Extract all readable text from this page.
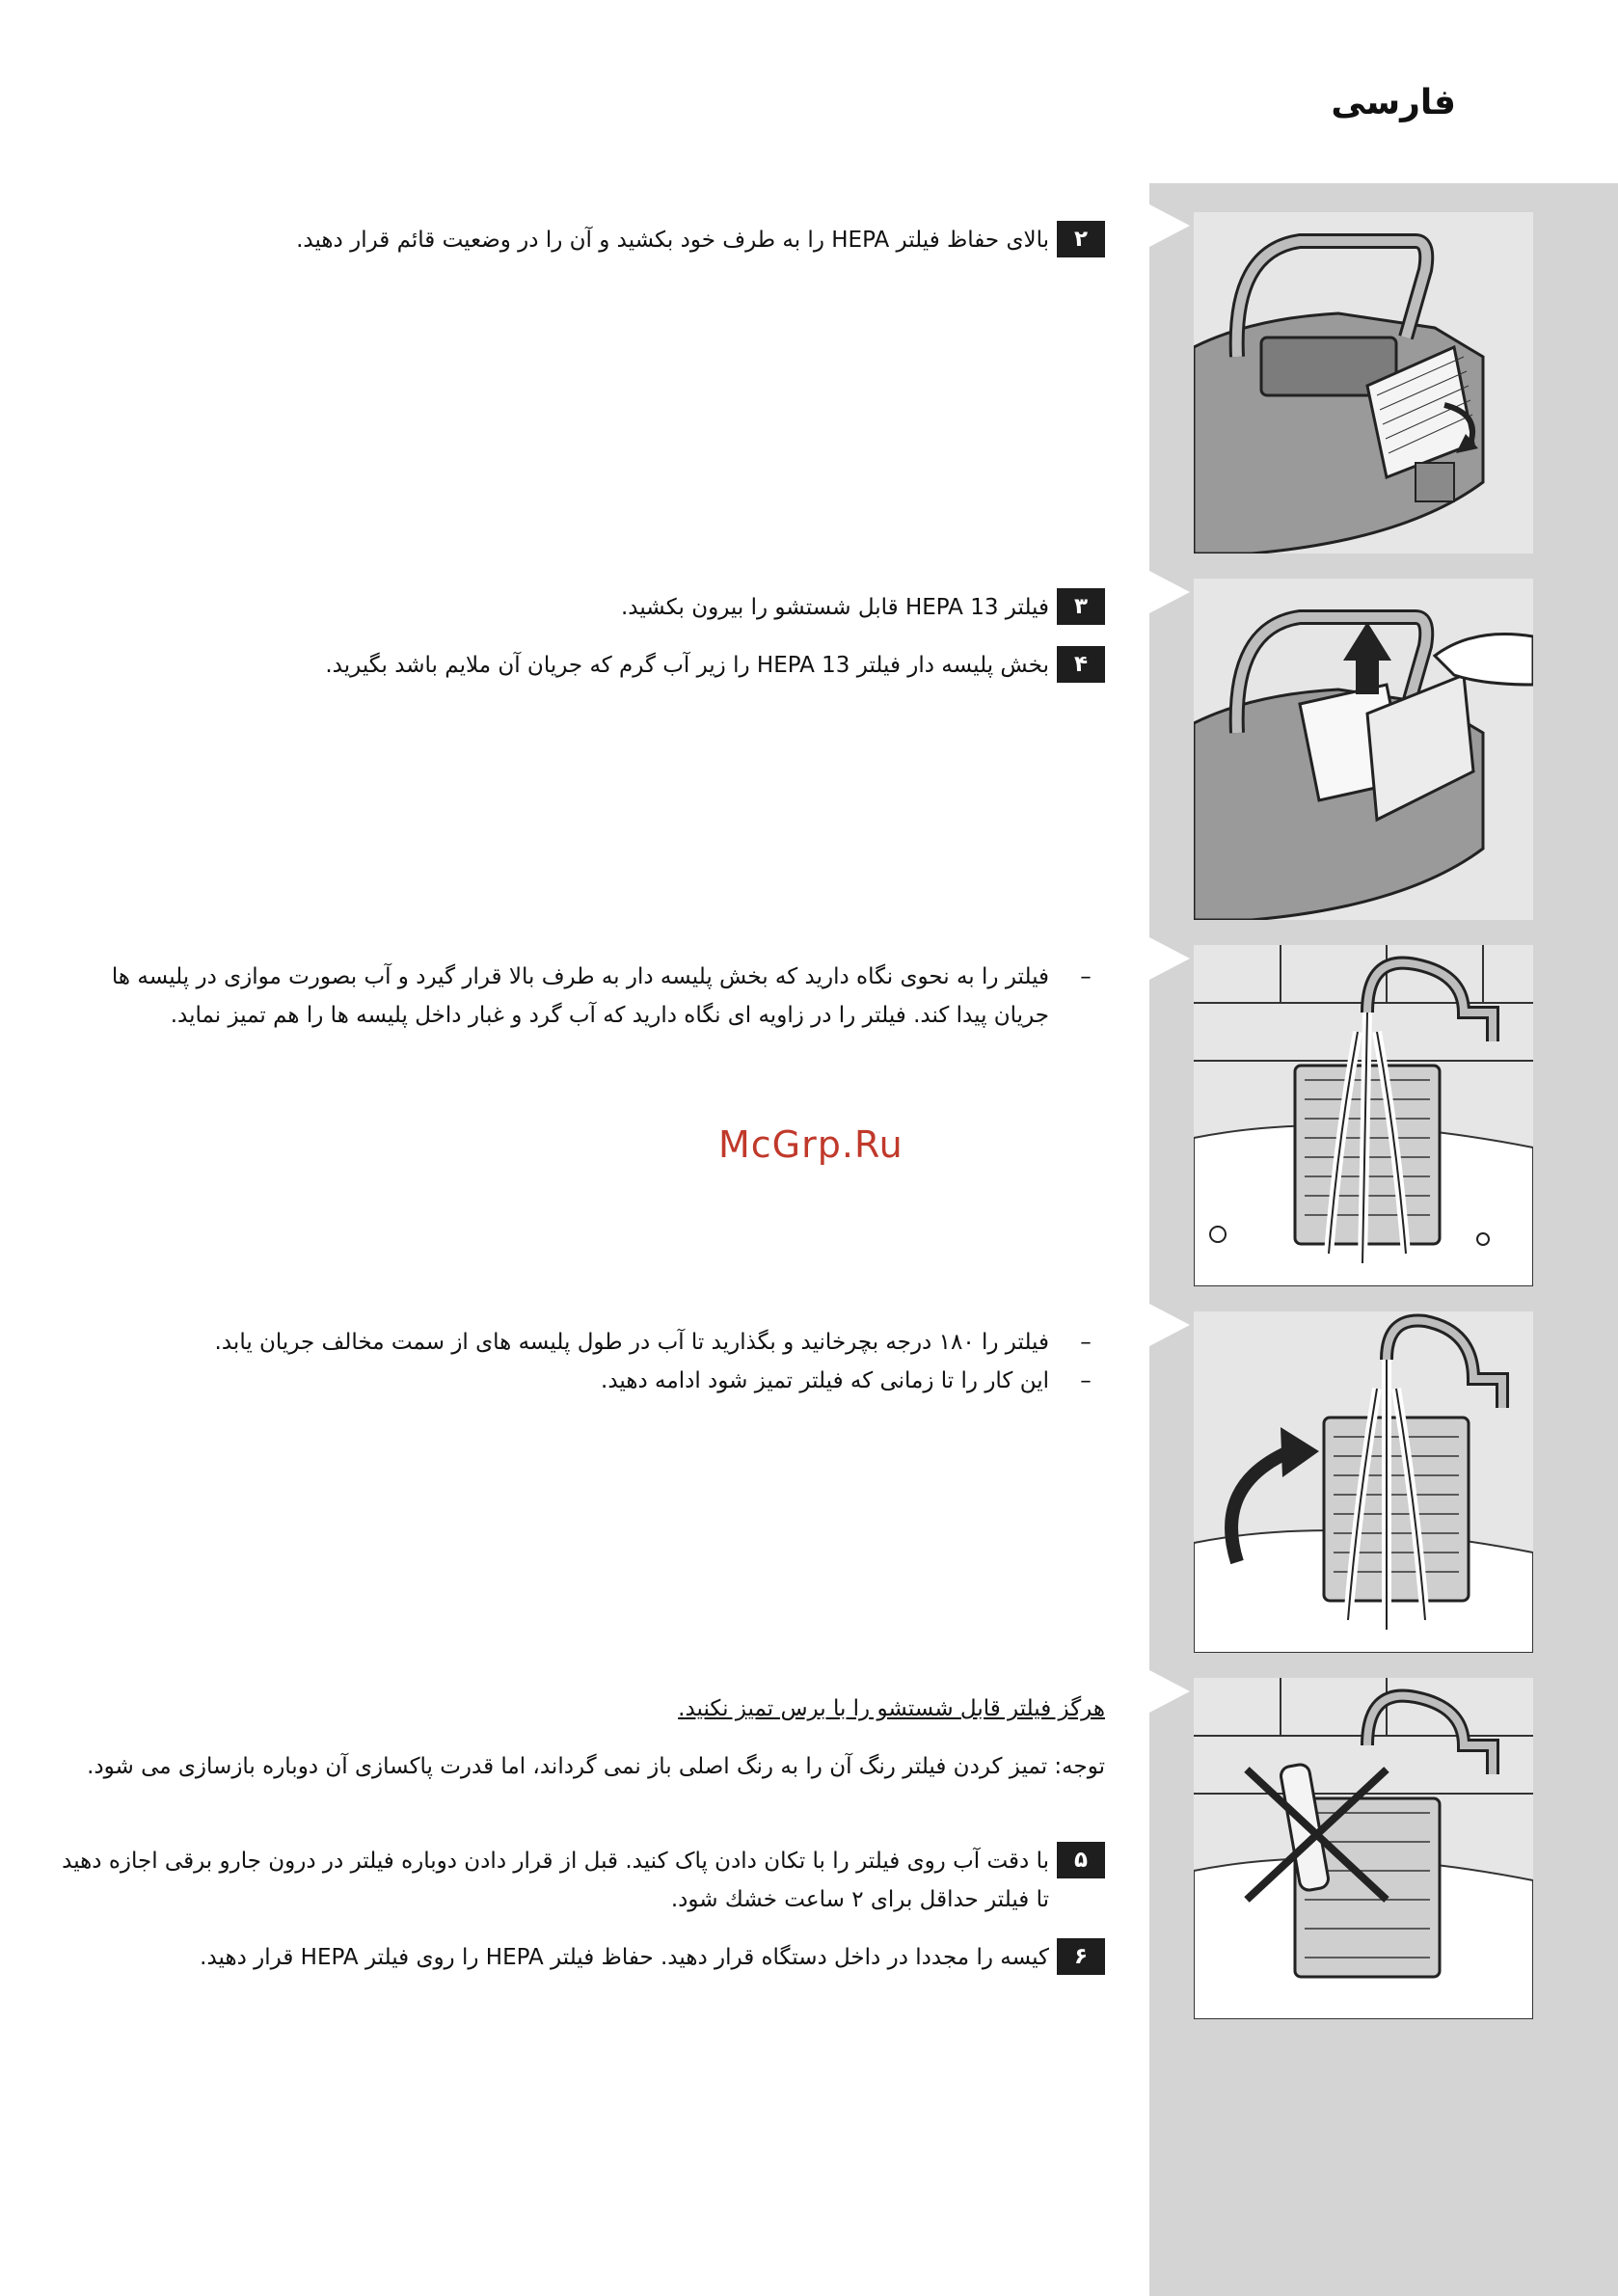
فارسی
۲
بالای حفاظ فیلتر HEPA را به طرف خود بکشید و آن را در وضعیت قائم قرار دهید.
۳
فیلتر HEPA 13 قابل شستشو را بیرون بکشید.
۴
بخش پلیسه دار فیلتر HEPA 13 را زیر آب گرم که جریان آن ملایم باشد بگیرید.
–
فیلتر را به نحوی نگاه دارید که بخش پلیسه دار به طرف بالا قرار گیرد و آب بصورت موازی در پلیسه ها جریان پیدا کند. فیلتر را در زاویه ای نگاه دارید که آب گرد و غبار داخل پلیسه ها را هم تمیز نماید.
McGrp.Ru
–
فیلتر را ۱۸۰ درجه بچرخانید و بگذارید تا آب در طول پلیسه های از سمت مخالف جریان یابد.
–
این کار را تا زمانی که فیلتر تمیز شود ادامه دهید.
هرگز فیلتر قابل شستشو را با برس تمیز نکنید.
توجه: تمیز کردن فیلتر رنگ آن را به رنگ اصلی باز نمی گرداند، اما قدرت پاکسازی آن دوباره بازسازی می شود.
۵
با دقت آب روی فیلتر را با تکان دادن پاک کنید. قبل از قرار دادن دوباره فیلتر در درون جارو برقی اجازه دهید تا فیلتر حداقل برای ۲ ساعت خشك شود.
۶
کیسه را مجددا در داخل دستگاه قرار دهید. حفاظ فیلتر HEPA را روی فیلتر HEPA قرار دهید.
